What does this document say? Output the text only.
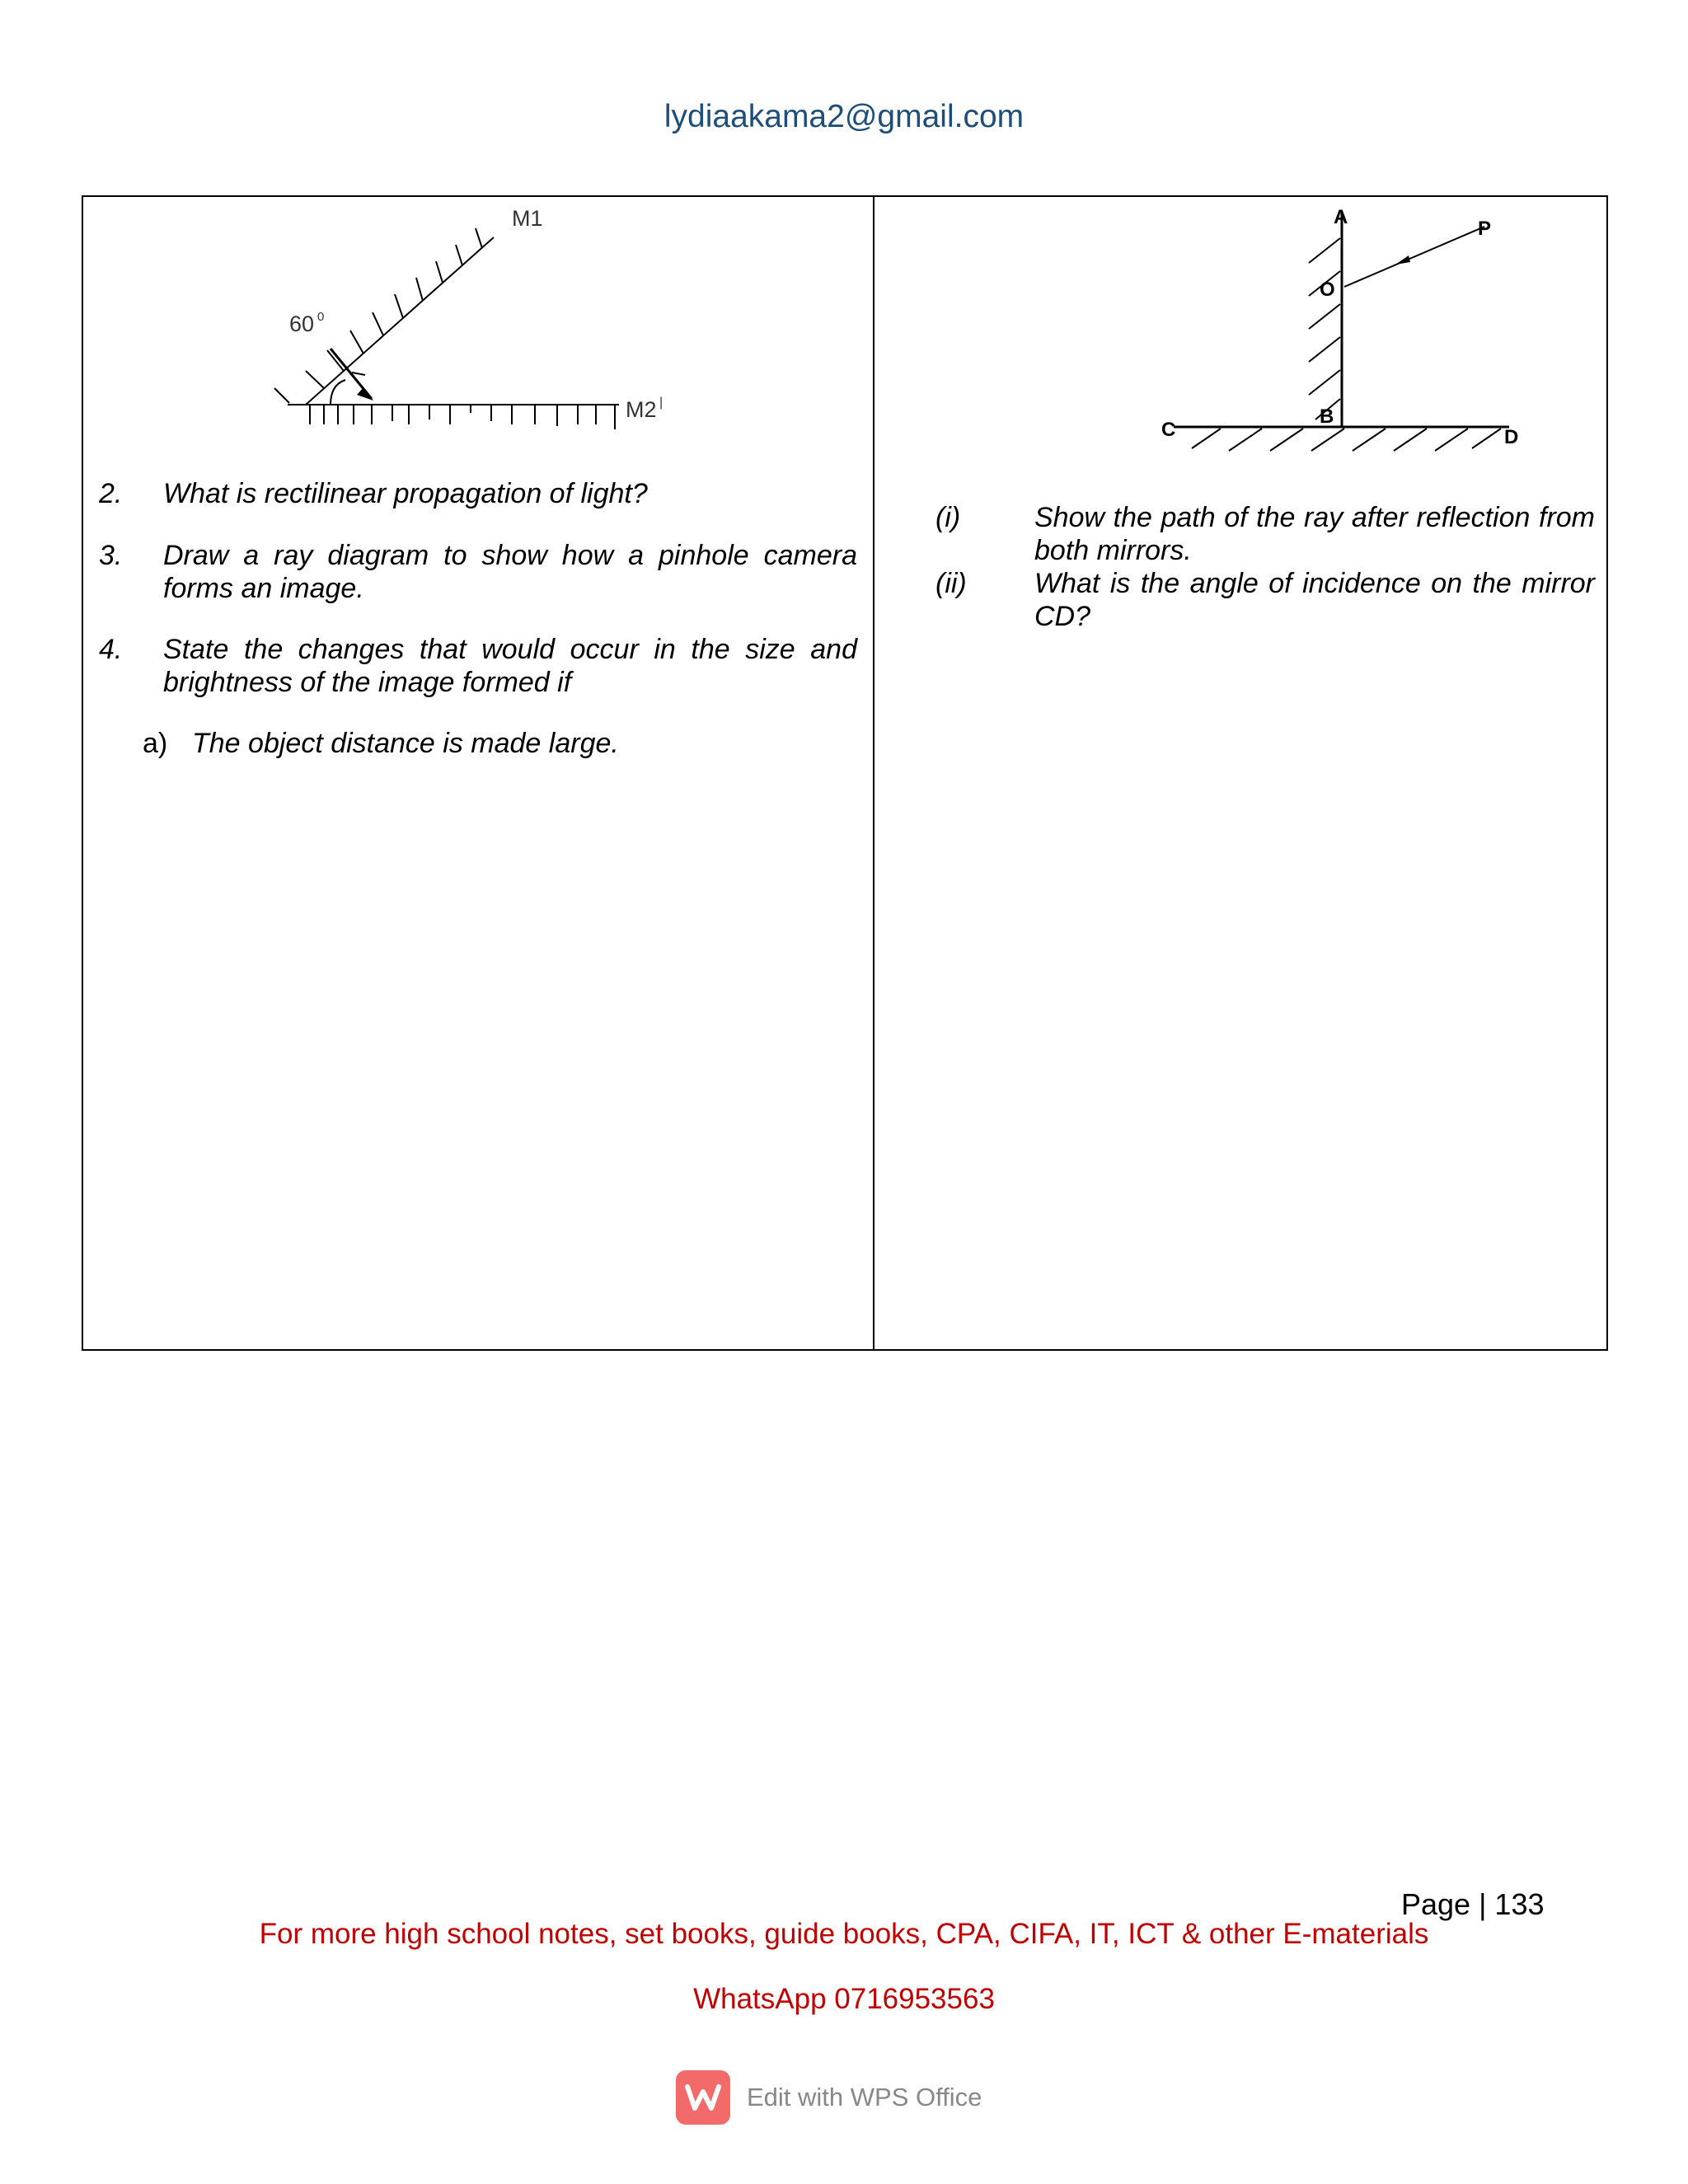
lydiaakama2@gmail.com
M1
M2 |
60 0
2. What is rectilinear propagation of light?
3. Draw a ray diagram to show how a pinhole camera forms an image.
4. State the changes that would occur in the size and brightness of the image formed if
a) The object distance is made large.
A
P
O
B
C	D
(i)	Show the path of the ray after reflection from both mirrors.
(ii) What is the angle of incidence on the mirror CD?
Page | 133
For more high school notes, set books, guide books, CPA, CIFA, IT, ICT & other E-materials
WhatsApp 0716953563
Edit with WPS Office
